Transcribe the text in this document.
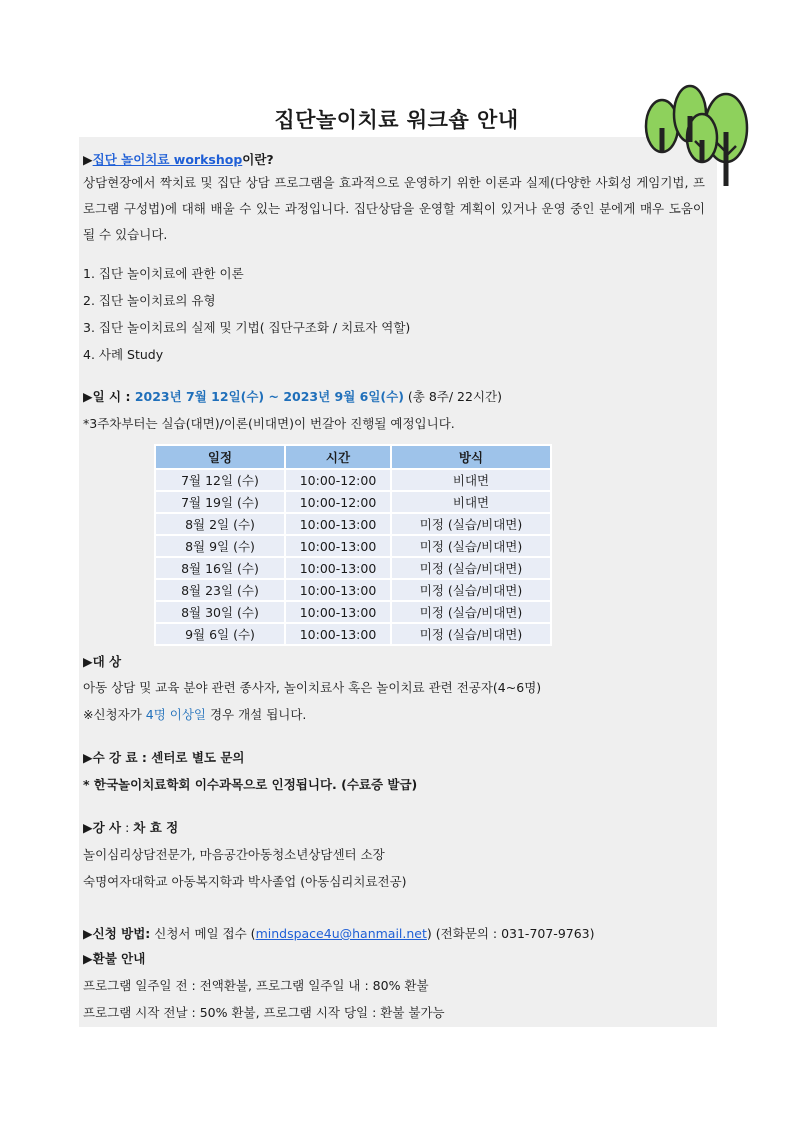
집단놀이치료 워크숍 안내
▶집단 놀이치료 workshop이란?
상담현장에서 짝치료 및 집단 상담 프로그램을 효과적으로 운영하기 위한 이론과 실제(다양한 사회성 게임기법, 프로그램 구성법)에 대해 배울 수 있는 과정입니다. 집단상담을 운영할 계획이 있거나 운영 중인 분에게 매우 도움이 될 수 있습니다.
1. 집단 놀이치료에 관한 이론
2. 집단 놀이치료의 유형
3. 집단 놀이치료의 실제 및 기법( 집단구조화 / 치료자 역할)
4. 사례 Study
▶일 시 : 2023년 7월 12일(수) ~ 2023년 9월 6일(수) (총 8주/ 22시간)
*3주차부터는 실습(대면)/이론(비대면)이 번갈아 진행될 예정입니다.
일정	시간	방식
7월 12일 (수)	10:00-12:00	비대면
7월 19일 (수)	10:00-12:00	비대면
8월 2일 (수)	10:00-13:00	미정 (실습/비대면)
8월 9일 (수)	10:00-13:00	미정 (실습/비대면)
8월 16일 (수)	10:00-13:00	미정 (실습/비대면)
8월 23일 (수)	10:00-13:00	미정 (실습/비대면)
8월 30일 (수)	10:00-13:00	미정 (실습/비대면)
9월 6일 (수)	10:00-13:00	미정 (실습/비대면)
▶대 상
아동 상담 및 교육 분야 관련 종사자, 놀이치료사 혹은 놀이치료 관련 전공자(4~6명)
※신청자가 4명 이상일 경우 개설 됩니다.
▶수 강 료 : 센터로 별도 문의
* 한국놀이치료학회 이수과목으로 인정됩니다. (수료증 발급)
▶강 사 : 차 효 정
놀이심리상담전문가, 마음공간아동청소년상담센터 소장
숙명여자대학교 아동복지학과 박사졸업 (아동심리치료전공)
▶신청 방법: 신청서 메일 접수 (mindspace4u@hanmail.net) (전화문의 : 031-707-9763)
▶환불 안내
프로그램 일주일 전 : 전액환불, 프로그램 일주일 내 : 80% 환불
프로그램 시작 전날 : 50% 환불, 프로그램 시작 당일 : 환불 불가능
